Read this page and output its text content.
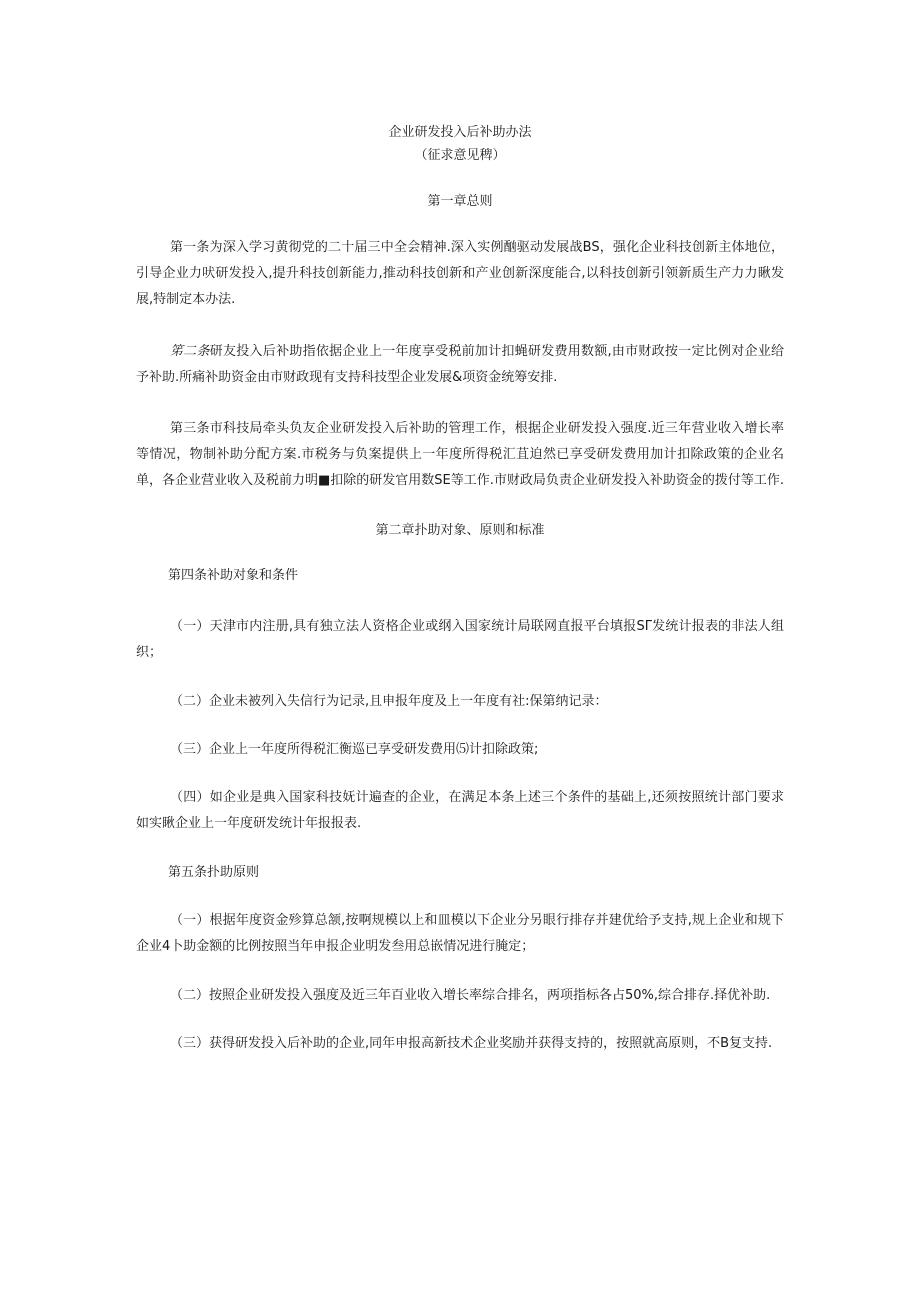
企业研发投入后补助办法
（征求意见稗）
第一章总则
第一条为深入学习黄彻党的二十届三中全会精神.深入实例酗驱动发展战BS，强化企业科技创新主体地位，引导企业力吠研发投入,提升科技创新能力,推动科技创新和产业创新深度能合,以科技创新引领新质生产力力瞅发展,特制定本办法.
笫二条研友投入后补助指依据企业上一年度享受税前加计扣蝇研发费用数额,由市财政按一定比例对企业给予补助.所痛补助资金由市财政现有支持科技型企业发展&项资金统筹安排.
第三条市科技局牵头负友企业研发投入后补助的管理工作，根据企业研发投入强度.近三年营业收入增长率等情况，物制补助分配方案.市税务与负案提供上一年度所得税汇苴迫然已享受研发费用加计扣除政策的企业名单，各企业营业收入及税前力明■扣除的研发官用数SE等工作.市财政局负责企业研发投入补助资金的拨付等工作.
第二章扑助对象、原则和标准
第四条补助对象和条件
（一）天津市内注册,具有独立法人资格企业或纲入国家统计局联网直报平台填报SΓ发统计报表的非法人组织；
（二）企业未被列入失信行为记录,且申报年度及上一年度有社:保第纳记录：
（三）企业上一年度所得税汇衡巡已享受研发费用⑸计扣除政策;
（四）如企业是典入国家科技妩计遍查的企业，在满足本条上述三个条件的基础上,还须按照统计部门要求如实瞅企业上一年度研发统计年报报表.
第五条扑助原则
（一）根据年度资金殄算总颔,按啊规模以上和皿模以下企业分另眼行排存并建优给予支持,规上企业和规下企业4卜助金额的比例按照当年申报企业明发叁用总嵌情况进行腌定；
（二）按照企业研发投入强度及近三年百业收入增长率综合排名，两项指标各占50%,综合排存.择优补助.
（三）获得研发投入后补助的企业,同年申报高新技术企业奖励并获得支持的，按照就高原则，不B复支持.
